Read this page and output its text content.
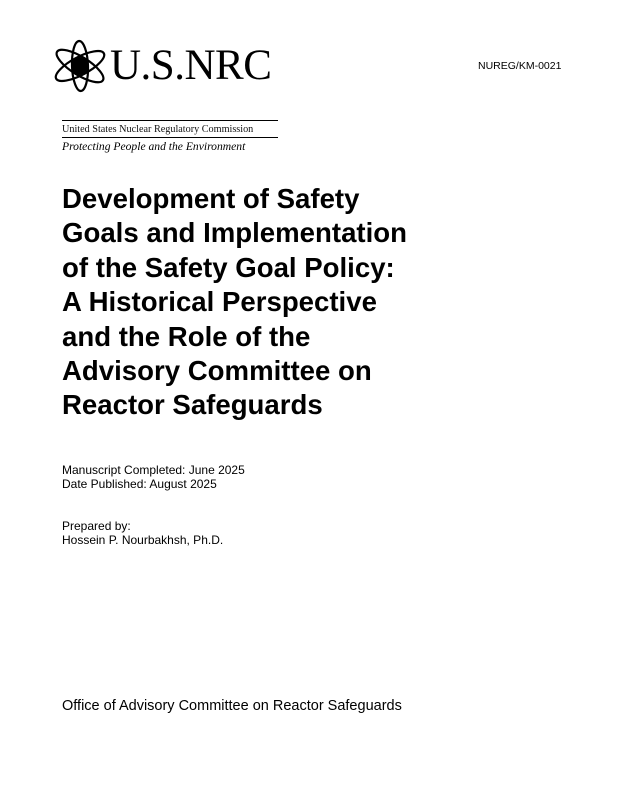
U.S.NRC
United States Nuclear Regulatory Commission
Protecting People and the Environment
NUREG/KM-0021
Development of Safety
Goals and Implementation
of the Safety Goal Policy:
A Historical Perspective
and the Role of the
Advisory Committee on
Reactor Safeguards
Manuscript Completed: June 2025
Date Published: August 2025
Prepared by:
Hossein P. Nourbakhsh, Ph.D.
Office of Advisory Committee on Reactor Safeguards
